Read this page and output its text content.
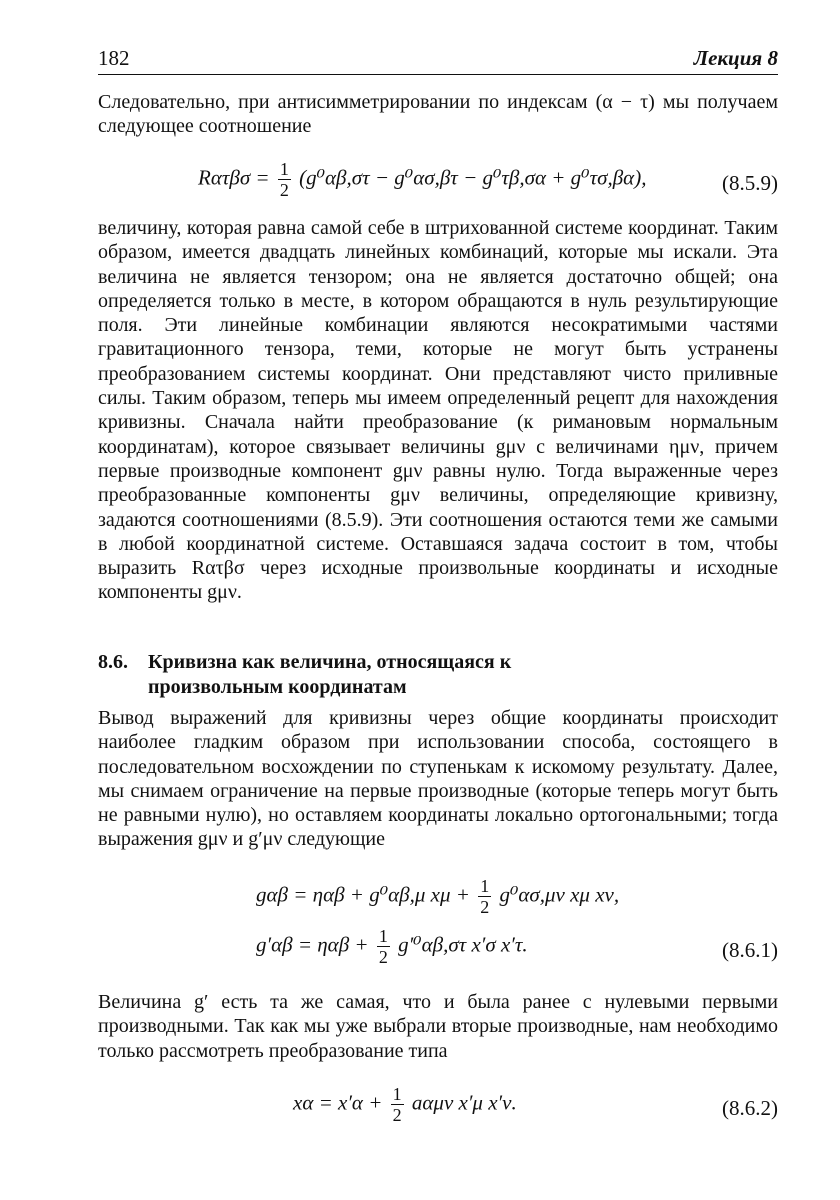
182	Лекция 8

Следовательно, при антисимметрировании по индексам (α − τ) мы получаем следующее соотношение

$R\alpha\tau\beta\sigma = \frac{1}{2} (g^0\alpha\beta,\sigma\tau - g^0\alpha\sigma,\beta\tau - g^0\tau\beta,\sigma\alpha + g^0\tau\sigma,\beta\alpha)$,	(8.5.9)

величину, которая равна самой себе в штрихованной системе координат. Таким образом, имеется двадцать линейных комбинаций, которые мы искали. Эта величина не является тензором; она не является достаточно общей; она определяется только в месте, в котором обращаются в нуль результирующие поля. Эти линейные комбинации являются несократимыми частями гравитационного тензора, теми, которые не могут быть устранены преобразованием системы координат. Они представляют чисто приливные силы. Таким образом, теперь мы имеем определенный рецепт для нахождения кривизны. Сначала найти преобразование (к римановым нормальным координатам), которое связывает величины gμν с величинами ημν, причем первые производные компонент gμν равны нулю. Тогда выраженные через преобразованные компоненты gμν величины, определяющие кривизну, задаются соотношениями (8.5.9). Эти соотношения остаются теми же самыми в любой координатной системе. Оставшаяся задача состоит в том, чтобы выразить Rατβσ через исходные произвольные координаты и исходные компоненты gμν.

8.6. Кривизна как величина, относящаяся к
произвольным координатам

Вывод выражений для кривизны через общие координаты происходит наиболее гладким образом при использовании способа, состоящего в последовательном восхождении по ступенькам к искомому результату. Далее, мы снимаем ограничение на первые производные (которые теперь могут быть не равными нулю), но оставляем координаты локально ортогональными; тогда выражения gμν и g′μν следующие

gαβ = ηαβ + g⁰αβ,μ $x\mu + \frac{1}{2} g^0\alpha\sigma,\mu\nu$ xμ xν,
$g'\alpha\beta = \eta\alpha\beta + \frac{1}{2} g'^0\alpha\beta,\sigma\tau$ x′σ x′τ.	(8.6.1)

Величина g′ есть та же самая, что и была ранее с нулевыми первыми производными. Так как мы уже выбрали вторые производные, нам необходимо только рассмотреть преобразование типа

$x\alpha = x'\alpha + \frac{1}{2}$ aαμν x′μ x′ν.	(8.6.2)
